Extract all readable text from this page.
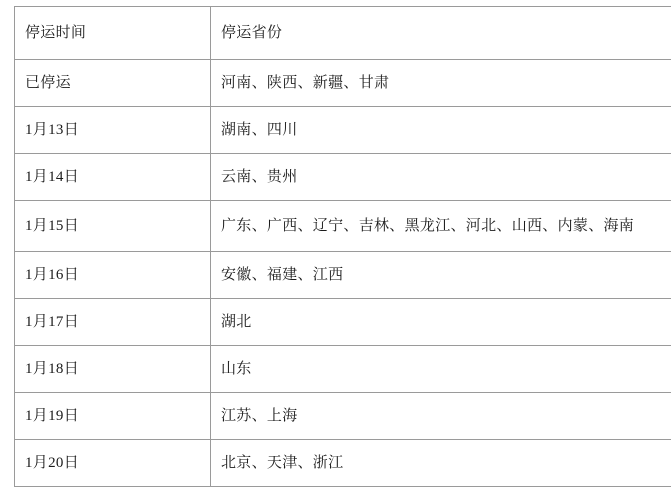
停运时间	停运省份

已停运	河南、陕西、新疆、甘肃

1月13日	湖南、四川

1月14日	云南、贵州

1月15日	广东、广西、辽宁、吉林、黑龙江、河北、山西、内蒙、海南

1月16日	安徽、福建、江西

1月17日	湖北

1月18日	山东

1月19日	江苏、上海

1月20日	北京、天津、浙江
